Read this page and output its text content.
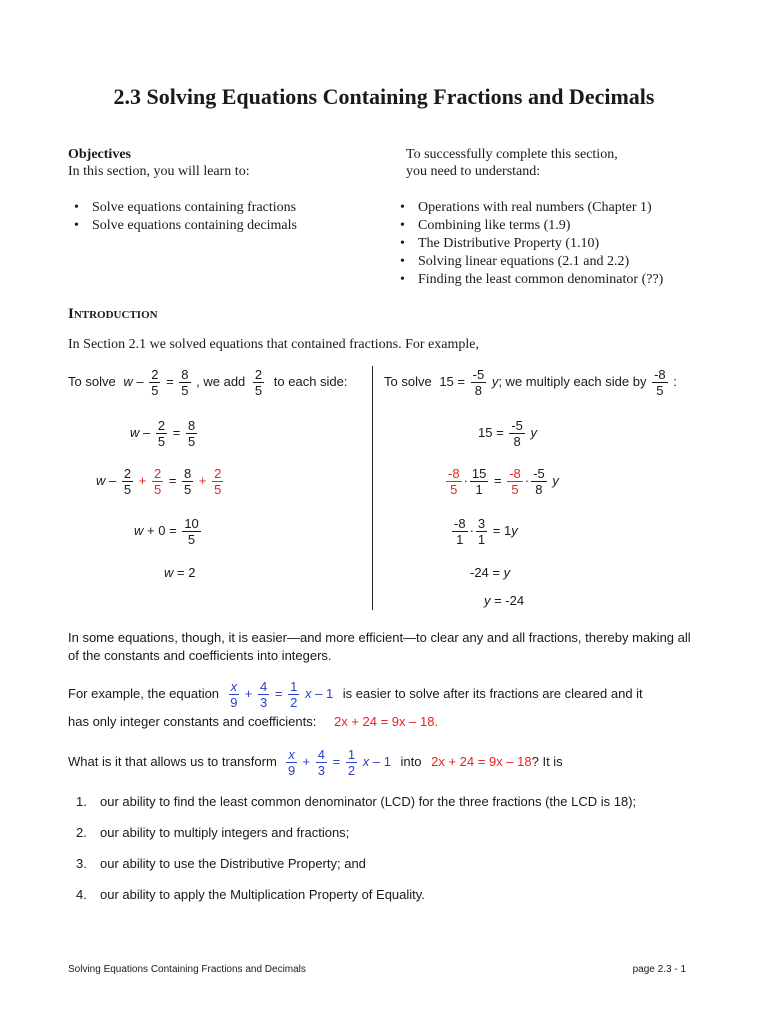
2.3 Solving Equations Containing Fractions and Decimals
Objectives
In this section, you will learn to:
• Solve equations containing fractions
• Solve equations containing decimals
To successfully complete this section,
you need to understand:
• Operations with real numbers (Chapter 1)
• Combining like terms (1.9)
• The Distributive Property (1.10)
• Solving linear equations (2.1 and 2.2)
• Finding the least common denominator (??)
Introduction
In Section 2.1 we solved equations that contained fractions. For example,
To solve $w - \frac{2}{5} = \frac{8}{5}$ , we add $\frac{2}{5}$ to each side:
$w - \frac{2}{5} = \frac{8}{5}$
$w - \frac{2}{5} + \frac{2}{5} = \frac{8}{5} + \frac{2}{5}$
$w + 0 = \frac{10}{5}$
w = 2
To solve $15 = \frac{-5}{8} y$; we multiply each side by $\frac{-8}{5}$ :
$15 = \frac{-5}{8}$ y
$\frac{-8}{5} \cdot \frac{15}{1} = \frac{-8}{5} \cdot \frac{-5}{8}$ y
$\frac{-8}{1} \cdot \frac{3}{1} = 1y$
-24 = y
y = -24
In some equations, though, it is easier—and more efficient—to clear any and all fractions, thereby making all of the constants and coefficients into integers.
For example, the equation $\frac{x}{9} + \frac{4}{3} = \frac{1}{2}$ x – 1 is easier to solve after its fractions are cleared and it
has only integer constants and coefficients: 2x + 24 = 9x – 18.
What is it that allows us to transform $\frac{x}{9} + \frac{4}{3} = \frac{1}{2}$ x – 1 into 2x + 24 = 9x – 18? It is
1. our ability to find the least common denominator (LCD) for the three fractions (the LCD is 18);
2. our ability to multiply integers and fractions;
3. our ability to use the Distributive Property; and
4. our ability to apply the Multiplication Property of Equality.
Solving Equations Containing Fractions and Decimals	page 2.3 - 1
